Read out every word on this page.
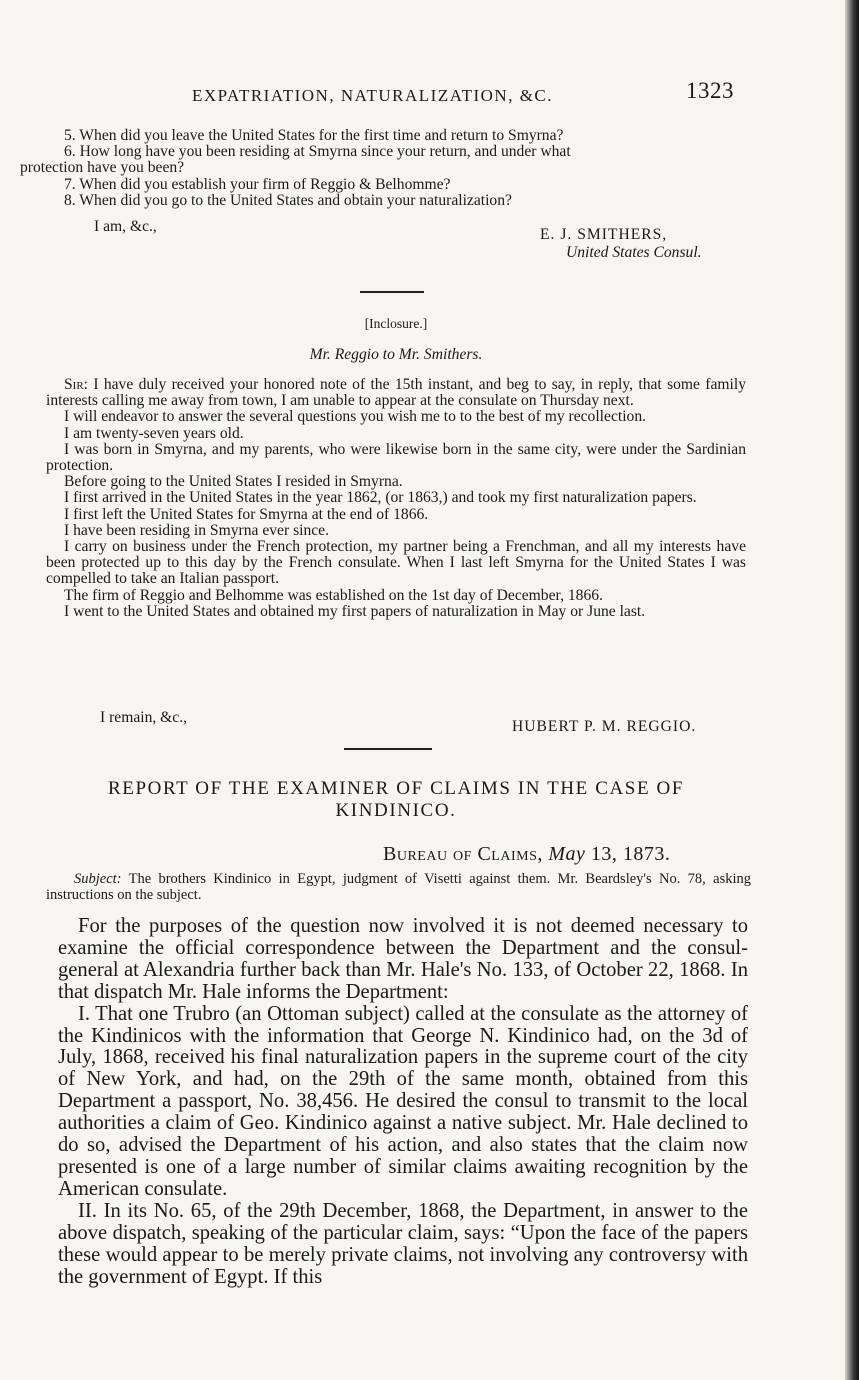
EXPATRIATION, NATURALIZATION, &C.	1323

5. When did you leave the United States for the first time and return to Smyrna?

6. How long have you been residing at Smyrna since your return, and under what

protection have you been?

7. When did you establish your firm of Reggio & Belhomme?

8. When did you go to the United States and obtain your naturalization?

I am, &c.,	E. J. SMITHERS,
United States Consul.
[Inclosure.]
Mr. Reggio to Mr. Smithers.

Sir: I have duly received your honored note of the 15th instant, and beg to say, in reply, that some family interests calling me away from town, I am unable to appear at the consulate on Thursday next.

I will endeavor to answer the several questions you wish me to to the best of my recollection.

I am twenty-seven years old.

I was born in Smyrna, and my parents, who were likewise born in the same city, were under the Sardinian protection.

Before going to the United States I resided in Smyrna.

I first arrived in the United States in the year 1862, (or 1863,) and took my first naturalization papers.

I first left the United States for Smyrna at the end of 1866.

I have been residing in Smyrna ever since.

I carry on business under the French protection, my partner being a Frenchman, and all my interests have been protected up to this day by the French consulate. When I last left Smyrna for the United States I was compelled to take an Italian passport.

The firm of Reggio and Belhomme was established on the 1st day of December, 1866.

I went to the United States and obtained my first papers of naturalization in May or June last.

I remain, &c.,
HUBERT P. M. REGGIO.
REPORT OF THE EXAMINER OF CLAIMS IN THE CASE OF KINDINICO.
Bureau of Claims, May 13, 1873.
Subject: The brothers Kindinico in Egypt, judgment of Visetti against them. Mr. Beardsley's No. 78, asking instructions on the subject.

For the purposes of the question now involved it is not deemed necessary to examine the official correspondence between the Department and the consul-general at Alexandria further back than Mr. Hale's No. 133, of October 22, 1868. In that dispatch Mr. Hale informs the Department:

I. That one Trubro (an Ottoman subject) called at the consulate as the attorney of the Kindinicos with the information that George N. Kindinico had, on the 3d of July, 1868, received his final naturalization papers in the supreme court of the city of New York, and had, on the 29th of the same month, obtained from this Department a passport, No. 38,456. He desired the consul to transmit to the local authorities a claim of Geo. Kindinico against a native subject. Mr. Hale declined to do so, advised the Department of his action, and also states that the claim now presented is one of a large number of similar claims awaiting recognition by the American consulate.

II. In its No. 65, of the 29th December, 1868, the Department, in answer to the above dispatch, speaking of the particular claim, says: “Upon the face of the papers these would appear to be merely private claims, not involving any controversy with the government of Egypt. If this
